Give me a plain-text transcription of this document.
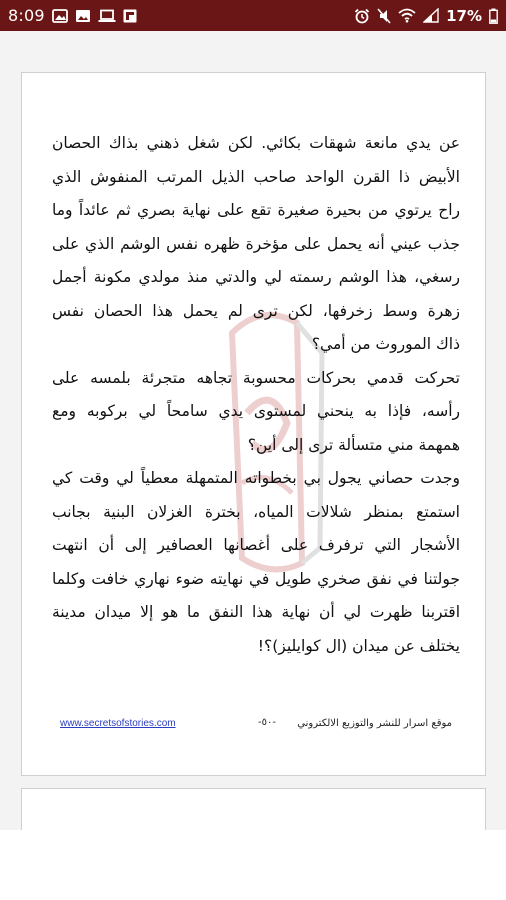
8:09	17%
عن يدي مانعة شهقات بكائي. لكن شغل ذهني بذاك الحصان
الأبيض ذا القرن الواحد صاحب الذيل المرتب المنفوش الذي
راح يرتوي من بحيرة صغيرة تقع على نهاية بصري ثم عائداً وما
جذب عيني أنه يحمل على مؤخرة ظهره نفس الوشم الذي على
رسغي، هذا الوشم رسمته لي والدتي منذ مولدي مكونة أجمل
زهرة وسط زخرفها، لكن ترى لم يحمل هذا الحصان نفس
ذاك الموروث من أمي؟
تحركت قدمي بحركات محسوبة تجاهه متجرئة بلمسه على
رأسه، فإذا به ينحني لمستوى يدي سامحاً لي بركوبه ومع
همهمة مني متسألة ترى إلى أين؟
وجدت حصاني يجول بي بخطواته المتمهلة معطياً لي وقت كي
استمتع بمنظر شلالات المياه، بخترة الغزلان البنية بجانب
الأشجار التي ترفرف على أغصانها العصافير إلى أن انتهت
جولتنا في نفق صخري طويل في نهايته ضوء نهاري خافت وكلما
اقتربنا ظهرت لي أن نهاية هذا النفق ما هو إلا ميدان مدينة
يختلف عن ميدان (ال كوايليز)؟!
www.secretsofstories.com	-٥٠- موقع اسرار للنشر والتوزيع الالكتروني
